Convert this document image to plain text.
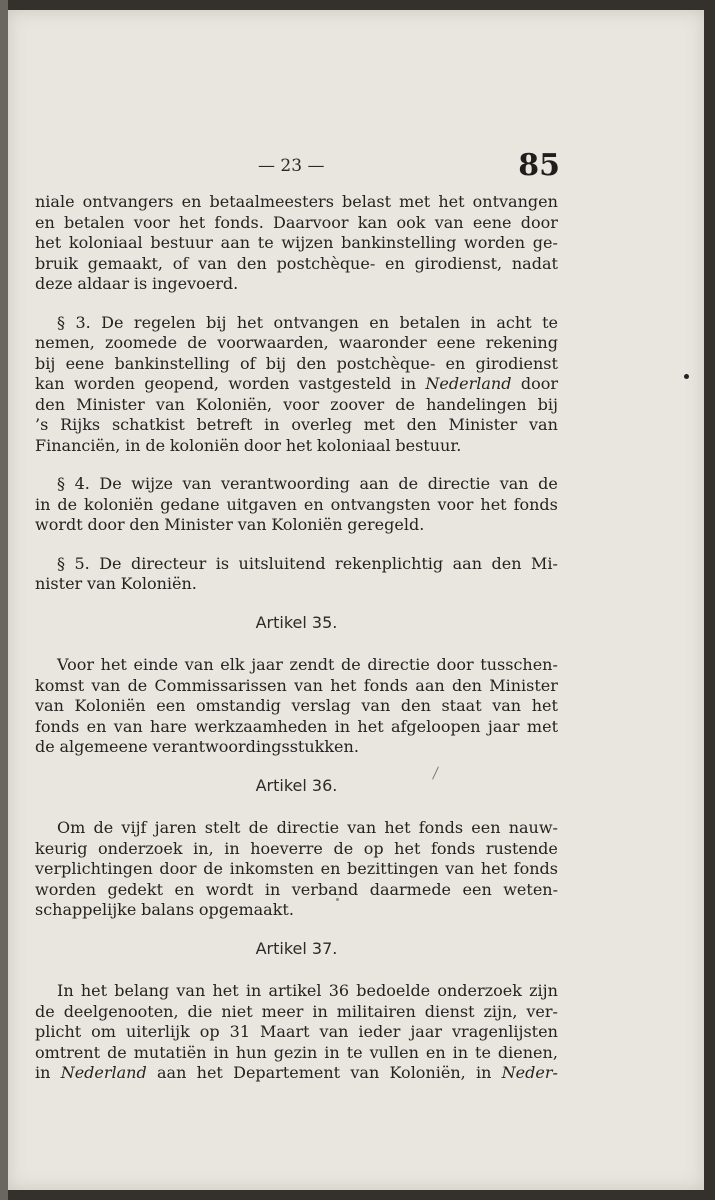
— 23 —	85
niale ontvangers en betaalmeesters belast met het ontvangen
en betalen voor het fonds. Daarvoor kan ook van eene door
het koloniaal bestuur aan te wijzen bankinstelling worden ge-
bruik gemaakt, of van den postchèque- en girodienst, nadat
deze aldaar is ingevoerd.
§ 3. De regelen bij het ontvangen en betalen in acht te
nemen, zoomede de voorwaarden, waaronder eene rekening
bij eene bankinstelling of bij den postchèque- en girodienst
kan worden geopend, worden vastgesteld in Nederland door
den Minister van Koloniën, voor zoover de handelingen bij
’s Rijks schatkist betreft in overleg met den Minister van
Financiën, in de koloniën door het koloniaal bestuur.
§ 4. De wijze van verantwoording aan de directie van de
in de koloniën gedane uitgaven en ontvangsten voor het fonds
wordt door den Minister van Koloniën geregeld.
§ 5. De directeur is uitsluitend rekenplichtig aan den Mi-
nister van Koloniën.
Artikel 35.
Voor het einde van elk jaar zendt de directie door tusschen-
komst van de Commissarissen van het fonds aan den Minister
van Koloniën een omstandig verslag van den staat van het
fonds en van hare werkzaamheden in het afgeloopen jaar met
de algemeene verantwoordingsstukken.
Artikel 36.
Om de vijf jaren stelt de directie van het fonds een nauw-
keurig onderzoek in, in hoeverre de op het fonds rustende
verplichtingen door de inkomsten en bezittingen van het fonds
worden gedekt en wordt in verband daarmede een weten-
schappelijke balans opgemaakt.
Artikel 37.
In het belang van het in artikel 36 bedoelde onderzoek zijn
de deelgenooten, die niet meer in militairen dienst zijn, ver-
plicht om uiterlijk op 31 Maart van ieder jaar vragenlijsten
omtrent de mutatiën in hun gezin in te vullen en in te dienen,
in Nederland aan het Departement van Koloniën, in Neder-
